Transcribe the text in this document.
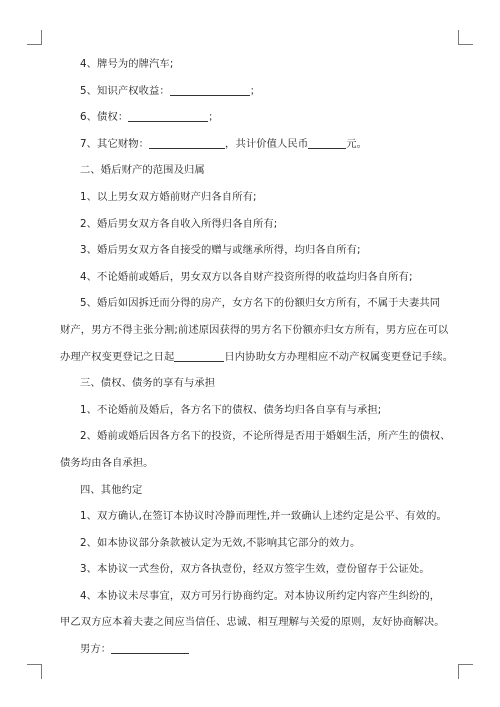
4、牌号为的牌汽车;
5、知识产权收益：	；
6、债权：	；
7、其它财物：	，共计价值人民币	元。
二、婚后财产的范围及归属
1、以上男女双方婚前财产归各自所有;
2、婚后男女双方各自收入所得归各自所有;
3、婚后男女双方各自接受的赠与或继承所得，均归各自所有;
4、不论婚前或婚后，男女双方以各自财产投资所得的收益均归各自所有;
5、婚后如因拆迁而分得的房产，女方名下的份额归女方所有，不属于夫妻共同
财产，男方不得主张分割;前述原因获得的男方名下份额亦归女方所有，男方应在可以
办理产权变更登记之日起	日内协助女方办理相应不动产权属变更登记手续。
三、债权、债务的享有与承担
1、不论婚前及婚后，各方名下的债权、债务均归各自享有与承担;
2、婚前或婚后因各方名下的投资，不论所得是否用于婚姻生活，所产生的债权、
债务均由各自承担。
四、其他约定
1、双方确认,在签订本协议时冷静而理性,并一致确认上述约定是公平、有效的。
2、如本协议部分条款被认定为无效,不影响其它部分的效力。
3、本协议一式叁份，双方各执壹份，经双方签字生效，壹份留存于公证处。
4、本协议未尽事宜，双方可另行协商约定。对本协议所约定内容产生纠纷的，
甲乙双方应本着夫妻之间应当信任、忠诚、相互理解与关爱的原则，友好协商解决。
男方：
